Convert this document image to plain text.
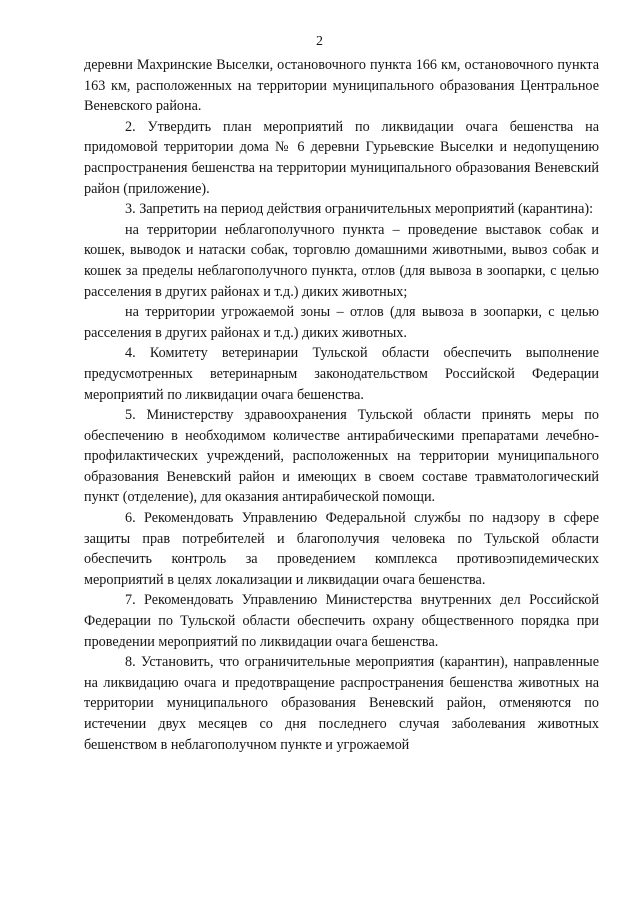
2

деревни Махринские Выселки, остановочного пункта 166 км, остановочного пункта 163 км, расположенных на территории муниципального образования Центральное Веневского района.

2. Утвердить план мероприятий по ликвидации очага бешенства на придомовой территории дома № 6 деревни Гурьевские Выселки и недопущению распространения бешенства на территории муниципального образования Веневский район (приложение).

3. Запретить на период действия ограничительных мероприятий (карантина):

на территории неблагополучного пункта – проведение выставок собак и кошек, выводок и натаски собак, торговлю домашними животными, вывоз собак и кошек за пределы неблагополучного пункта, отлов (для вывоза в зоопарки, с целью расселения в других районах и т.д.) диких животных;

на территории угрожаемой зоны – отлов (для вывоза в зоопарки, с целью расселения в других районах и т.д.) диких животных.

4. Комитету ветеринарии Тульской области обеспечить выполнение предусмотренных ветеринарным законодательством Российской Федерации мероприятий по ликвидации очага бешенства.

5. Министерству здравоохранения Тульской области принять меры по обеспечению в необходимом количестве антирабическими препаратами лечебно-профилактических учреждений, расположенных на территории муниципального образования Веневский район и имеющих в своем составе травматологический пункт (отделение), для оказания антирабической помощи.

6. Рекомендовать Управлению Федеральной службы по надзору в сфере защиты прав потребителей и благополучия человека по Тульской области обеспечить контроль за проведением комплекса противоэпидемических мероприятий в целях локализации и ликвидации очага бешенства.

7. Рекомендовать Управлению Министерства внутренних дел Российской Федерации по Тульской области обеспечить охрану общественного порядка при проведении мероприятий по ликвидации очага бешенства.

8. Установить, что ограничительные мероприятия (карантин), направленные на ликвидацию очага и предотвращение распространения бешенства животных на территории муниципального образования Веневский район, отменяются по истечении двух месяцев со дня последнего случая заболевания животных бешенством в неблагополучном пункте и угрожаемой
